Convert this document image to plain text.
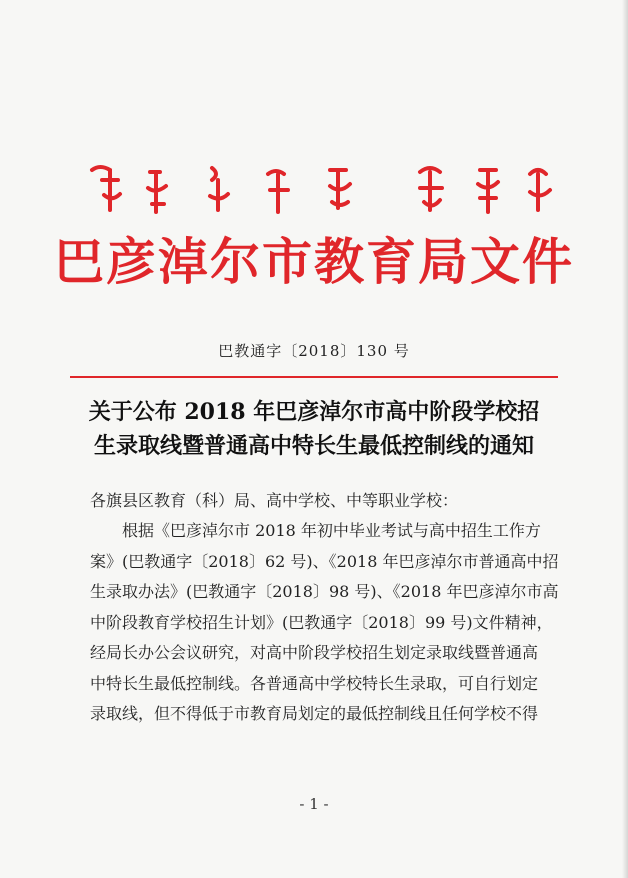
巴彦淖尔市教育局文件
巴教通字〔2018〕130 号
关于公布 2018 年巴彦淖尔市高中阶段学校招
生录取线暨普通高中特长生最低控制线的通知
各旗县区教育（科）局、高中学校、中等职业学校：
根据《巴彦淖尔市 2018 年初中毕业考试与高中招生工作方
案》(巴教通字〔2018〕62 号)、《2018 年巴彦淖尔市普通高中招
生录取办法》(巴教通字〔2018〕98 号)、《2018 年巴彦淖尔市高
中阶段教育学校招生计划》(巴教通字〔2018〕99 号)文件精神，
经局长办公会议研究，对高中阶段学校招生划定录取线暨普通高
中特长生最低控制线。各普通高中学校特长生录取，可自行划定
录取线，但不得低于市教育局划定的最低控制线且任何学校不得
- 1 -
